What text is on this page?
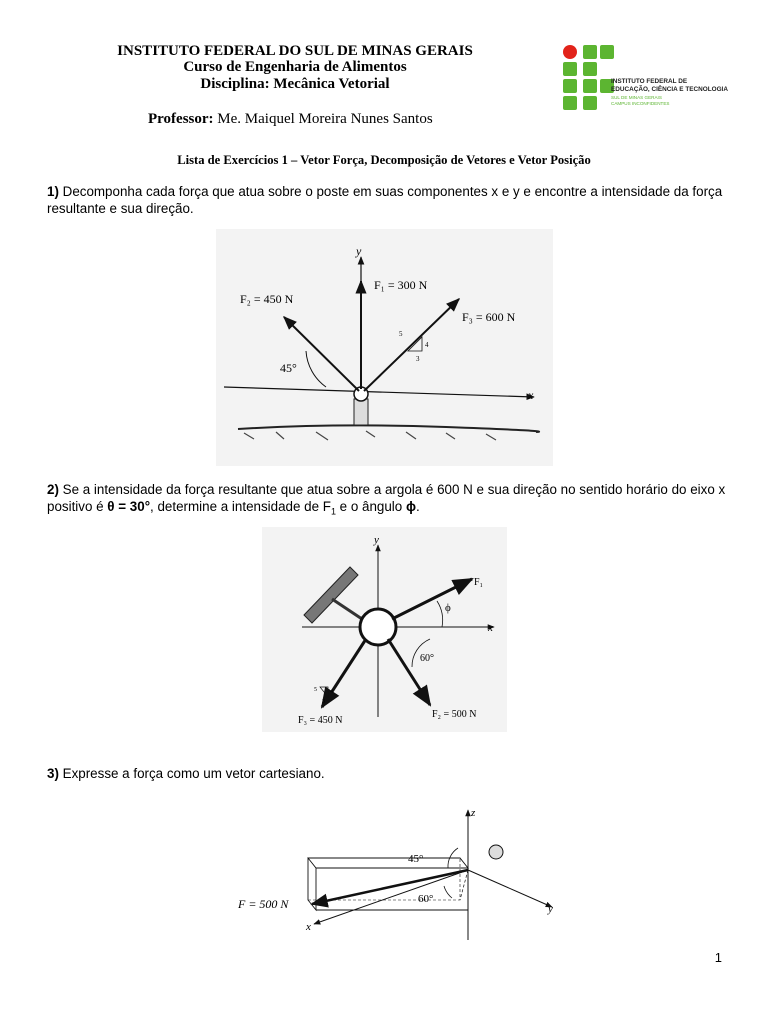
INSTITUTO FEDERAL DO SUL DE MINAS GERAIS
Curso de Engenharia de Alimentos
Disciplina: Mecânica Vetorial
Professor: Me. Maiquel Moreira Nunes Santos
INSTITUTO FEDERAL DE
EDUCAÇÃO, CIÊNCIA E TECNOLOGIA
SUL DE MINAS GERAIS
CAMPUS INCONFIDENTES
Lista de Exercícios 1 – Vetor Força, Decomposição de Vetores e Vetor Posição
1) Decomponha cada força que atua sobre o poste em suas componentes x e y e encontre a intensidade da força resultante e sua direção.
y
x
45°
F₂ = 450 N
F₁ = 300 N
F₃ = 600 N
5
4
3
2) Se a intensidade da força resultante que atua sobre a argola é 600 N e sua direção no sentido horário do eixo x positivo é θ = 30°, determine a intensidade de $F_1$ e o ângulo ϕ.
y
x
ϕ
60°
F₁
F₂ = 500 N
F₃ = 450 N
5 4
3
3) Expresse a força como um vetor cartesiano.
z
y
x
45°
60°
F = 500 N
1
